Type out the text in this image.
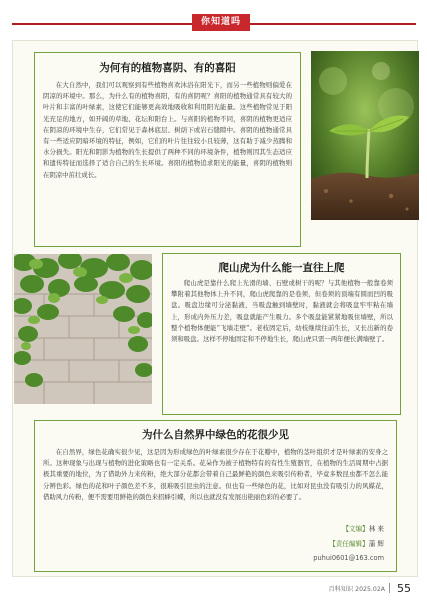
你知道吗
为何有的植物喜阴、有的喜阳

在大自然中，我们可以观察到有些植物喜欢沐浴在阳光下，而另一些植物则偏爱在阴凉的环境中。那么，为什么有的植物喜阳，有的喜阴呢？喜阳的植物通常具有较大的叶片和丰富的叶绿素，这使它们能够更高效地吸收和利用阳光能量。这些植物常见于阳光充足的地方，如开阔的草地、花坛和阳台上。与喜阳的植物不同，喜阴的植物更适应在阴凉的环境中生存，它们常见于森林底层、树荫下或岩石缝隙中。喜阴的植物通常具有一些适应阴暗环境的特征，例如，它们的叶片往往较小且较薄，这有助于减少蒸腾和水分损失。阳光和阴影为植物的生长提供了两种不同的环境条件，植物则因其生态适应和遗传特征而选择了适合自己的生长环境。喜阳的植物追求阳光的能量，喜阴的植物则在阴凉中茁壮成长。

爬山虎为什么能一直往上爬

爬山虎是靠什么爬上光滑的墙、石壁或树干的呢？与其他植物一般靠卷须攀附着其他物体上升不同，爬山虎爬靠的是卷须，但卷须的顶端有圆而凹的吸盘。吸盘边缘可分泌黏液，当吸盘触到墙壁时，黏液就会将吸盘牢牢粘在墙上，形成内外压力差，吸盘就能产生吸力。多个吸盘能紧紧地吸住墙壁，所以整个植物体便能“飞墙走壁”。老枝固定后，幼枝继续往前生长，又长出新的卷须和吸盘。这样不停地固定和不停地生长，爬山虎只需一两年便长满墙壁了。

为什么自然界中绿色的花很少见

在自然界，绿色花确实很少见，这是因为形成绿色的叶绿素很少存在于花瓣中，植物的茎叶组织才是叶绿素的安身之所。这种现象与出现与植物的进化策略也有一定关系。花朵作为被子植物特有的有性生殖器官，在植物的生活周期中占据极其重要的地位，为了借助外力来传粉，绝大部分花都会带着自己最鲜艳的颜色来吸引传粉者，毕竟多数昆虫都不怎么能分辨色彩。绿色的花和叶子颜色差不多，很难吸引昆虫的注意。但也有一些绿色的花，比如对昆虫没有吸引力的风媒花，借助风力传粉，便不需要用鲜艳的颜色来招蜂引蝶，所以也就没有发展出艳丽色彩的必要了。

【文编】林 来
【责任编辑】蒲 辉
puhui0601@163.com
百科知识 2025.02A 55
